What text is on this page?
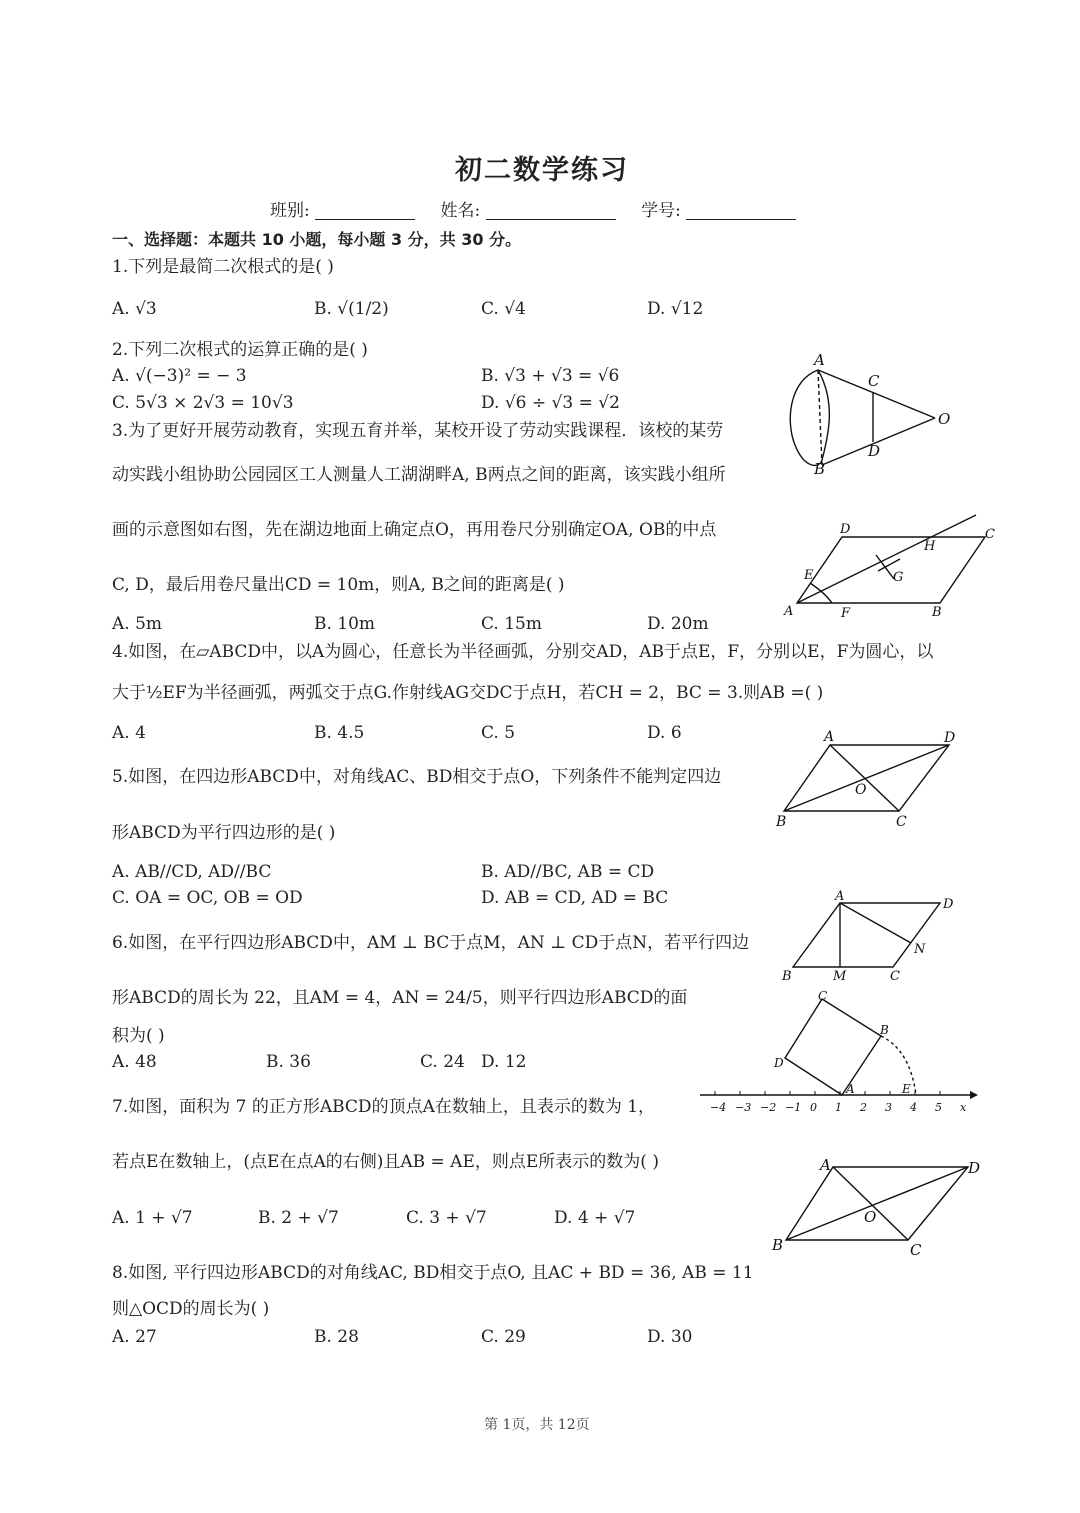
初二数学练习
班别:	姓名:	学号:
一、选择题：本题共 10 小题，每小题 3 分，共 30 分。
1.下列是最简二次根式的是( )
A. √3	B. √(1/2)	C. √4	D. √12
2.下列二次根式的运算正确的是( )
A. √(−3)² = − 3	B. √3 + √3 = √6
C. 5√3 × 2√3 = 10√3	D. √6 ÷ √3 = √2
3.为了更好开展劳动教育，实现五育并举，某校开设了劳动实践课程．该校的某劳
动实践小组协助公园园区工人测量人工湖湖畔A, B两点之间的距离，该实践小组所
画的示意图如右图，先在湖边地面上确定点O，再用卷尺分别确定OA, OB的中点
C, D，最后用卷尺量出CD = 10m，则A, B之间的距离是( )
A. 5m	B. 10m	C. 15m	D. 20m
4.如图，在▱ABCD中，以A为圆心，任意长为半径画弧，分别交AD，AB于点E，F，分别以E，F为圆心，以
大于½EF为半径画弧，两弧交于点G.作射线AG交DC于点H，若CH = 2，BC = 3.则AB =( )
A. 4	B. 4.5	C. 5	D. 6
5.如图，在四边形ABCD中，对角线AC、BD相交于点O，下列条件不能判定四边
形ABCD为平行四边形的是( )
A. AB//CD, AD//BC	B. AD//BC, AB = CD
C. OA = OC, OB = OD	D. AB = CD, AD = BC
6.如图，在平行四边形ABCD中，AM ⊥ BC于点M，AN ⊥ CD于点N，若平行四边
形ABCD的周长为 22，且AM = 4，AN = 24/5，则平行四边形ABCD的面
积为( )
A. 48	B. 36	C. 24 D. 12
7.如图，面积为 7 的正方形ABCD的顶点A在数轴上，且表示的数为 1，
若点E在数轴上，(点E在点A的右侧)且AB = AE，则点E所表示的数为( )
A. 1 + √7	B. 2 + √7	C. 3 + √7	D. 4 + √7
8.如图, 平行四边形ABCD的对角线AC, BD相交于点O, 且AC + BD = 36, AB = 11
则△OCD的周长为( )
A. 27	B. 28	C. 29	D. 30
第 1页，共 12页
A
B
C
D
O
A	B
C
D
E
F
G
H
A
B	C
D
O
A
B	C
D
M
N
−4 −3 −2 −1 0 1 2 3 4 5 x
A
B
C
D
E
A
B	C
D
O
